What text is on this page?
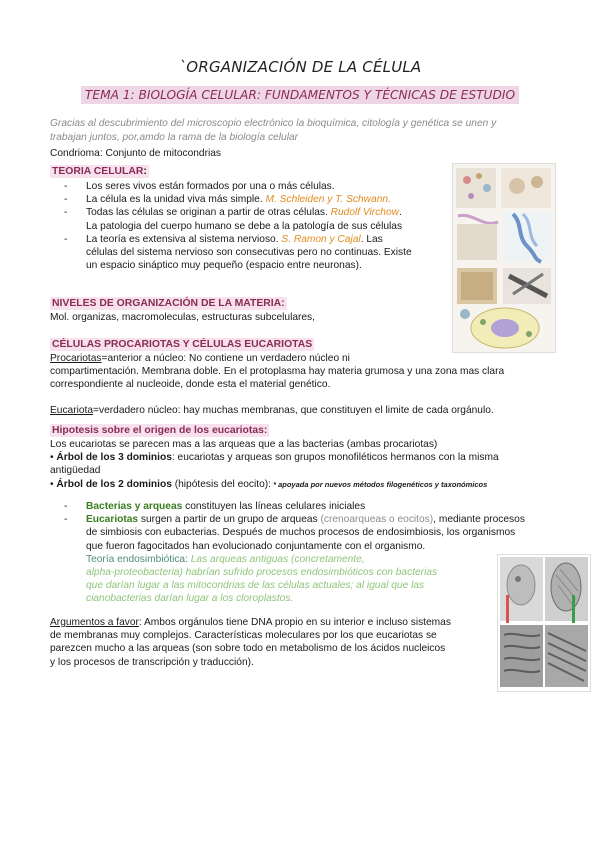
`ORGANIZACIÓN DE LA CÉLULA
TEMA 1: BIOLOGÍA CELULAR: FUNDAMENTOS Y TÉCNICAS DE ESTUDIO
Gracias al descubrimiento del microscopio electrónico la bioquímica, citología y genética se unen y
trabajan juntos, por,amdo la rama de la biología celular
Condrioma: Conjunto de mitocondrias
TEORIA CELULAR:
- Los seres vivos están formados por una o más células.
- La célula es la unidad viva más simple. M. Schleiden y T. Schwann.
- Todas las células se originan a partir de otras células. Rudolf Virchow.
La patologia del cuerpo humano se debe a la patología de sus células
- La teoría es extensiva al sistema nervioso. S. Ramon y Cajal. Las
células del sistema nervioso son consecutivas pero no continuas. Existe
un espacio sináptico muy pequeño (espacio entre neuronas).
NIVELES DE ORGANIZACIÓN DE LA MATERIA:
Mol. organizas, macromoleculas, estructuras subcelulares,
CÉLULAS PROCARIOTAS Y CÉLULAS EUCARIOTAS
Procariotas=anterior a núcleo: No contiene un verdadero núcleo ni
compartimentación. Membrana doble. En el protoplasma hay materia grumosa y una zona mas clara
correspondiente al nucleoide, donde esta el material genético.
Eucariota=verdadero núcleo: hay muchas membranas, que constituyen el limite de cada orgánulo.
Hipotesis sobre el origen de los eucariotas:
Los eucariotas se parecen mas a las arqueas que a las bacterias (ambas procariotas)
• Árbol de los 3 dominios: eucariotas y arqueas son grupos monofiléticos hermanos con la misma
antigüedad
• Árbol de los 2 dominios (hipótesis del eocito): * apoyada por nuevos métodos filogenéticos y taxonómicos
- Bacterias y arqueas constituyen las líneas celulares iniciales
- Eucariotas surgen a partir de un grupo de arqueas (crenoarqueas o eocitos), mediante procesos
de simbiosis con eubacterias. Después de muchos procesos de endosimbiosis, los organismos
que fueron fagocitados han evolucionado conjuntamente con el organismo.
Teoría endosimbiótica: Las arqueas antiguas (concretamente,
alpha-proteobacteria) habrían sufrido procesos endosimbióticos con bacterias
que darían lugar a las mitocondrias de las células actuales; al igual que las
cianobacterias darían lugar a los cloroplastos.
Argumentos a favor: Ambos orgánulos tiene DNA propio en su interior e incluso sistemas
de membranas muy complejos. Características moleculares por los que eucariotas se
parezcen mucho a las arqueas (son sobre todo en metabolismo de los ácidos nucleicos
y los procesos de transcripción y traducción).
